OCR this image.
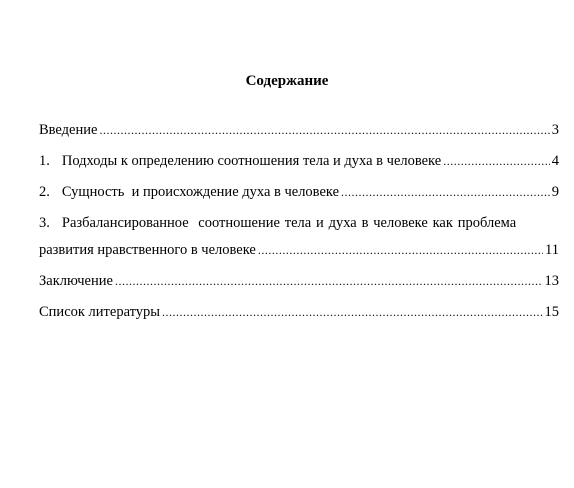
Содержание
Введение .....	3
1. Подходы к определению соотношения тела и духа в человеке .....	4
2. Сущность  и происхождение духа в человеке .....	9
3. Разбалансированное  соотношение тела и духа в человеке как проблема
развития нравственного в человеке .....	11
Заключение .....	13
Список литературы .....	15
